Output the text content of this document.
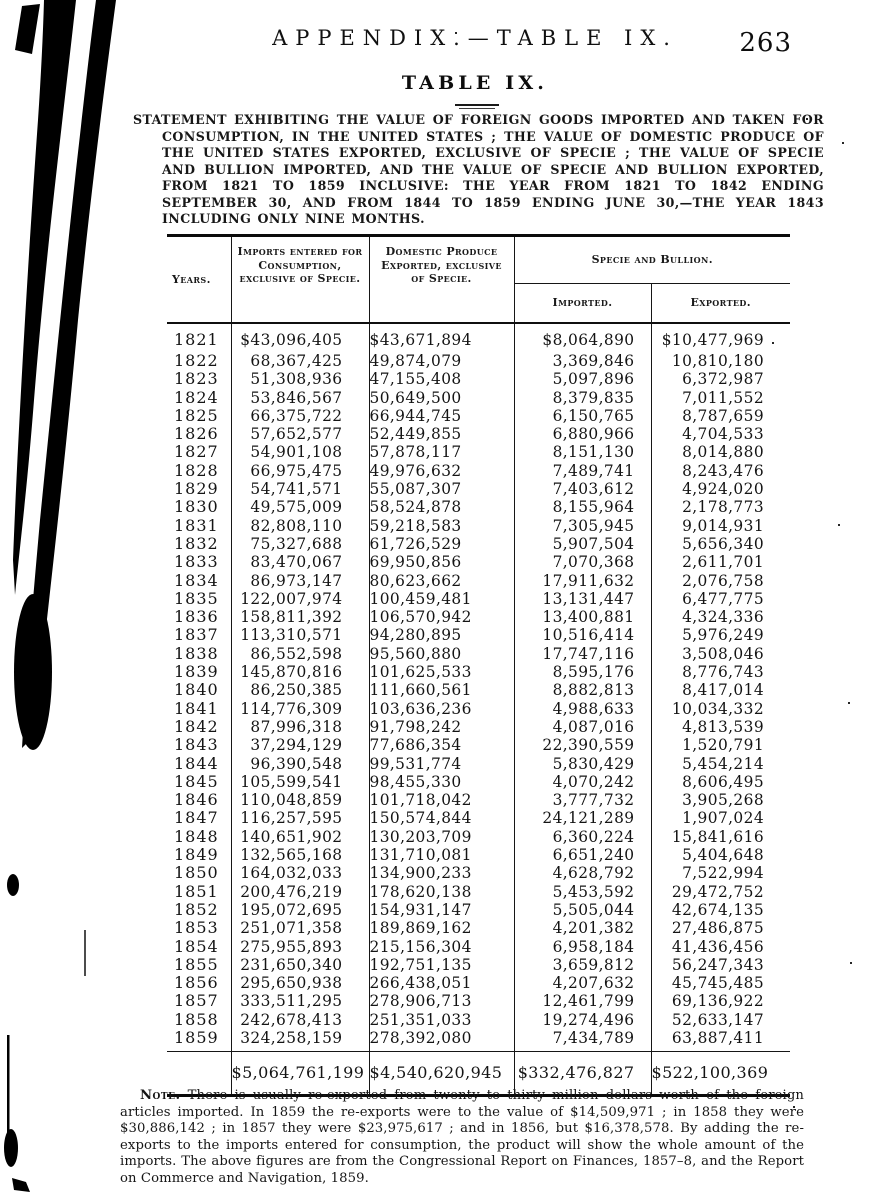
APPENDIX.—TABLE IX.	263
TABLE IX.
STATEMENT EXHIBITING THE VALUE OF FOREIGN GOODS IMPORTED AND TAKEN FOR CONSUMPTION, IN THE UNITED STATES ; THE VALUE OF DOMESTIC PRODUCE OF THE UNITED STATES EXPORTED, EXCLUSIVE OF SPECIE ; THE VALUE OF SPECIE AND BULLION IMPORTED, AND THE VALUE OF SPECIE AND BULLION EXPORTED, FROM 1821 TO 1859 INCLUSIVE: THE YEAR FROM 1821 TO 1842 ENDING SEPTEMBER 30, AND FROM 1844 TO 1859 ENDING JUNE 30,—THE YEAR 1843 INCLUDING ONLY NINE MONTHS.
Years.	Imports entered for Consumption, exclusive of Specie.	Domestic Produce Exported, exclusive of Specie.	Specie and Bullion.	
			Imported.	Exported.
1821	$43,096,405	$43,671,894	$8,064,890	$10,477,969
1822	68,367,425	49,874,079	3,369,846	10,810,180
1823	51,308,936	47,155,408	5,097,896	6,372,987
1824	53,846,567	50,649,500	8,379,835	7,011,552
1825	66,375,722	66,944,745	6,150,765	8,787,659
1826	57,652,577	52,449,855	6,880,966	4,704,533
1827	54,901,108	57,878,117	8,151,130	8,014,880
1828	66,975,475	49,976,632	7,489,741	8,243,476
1829	54,741,571	55,087,307	7,403,612	4,924,020
1830	49,575,009	58,524,878	8,155,964	2,178,773
1831	82,808,110	59,218,583	7,305,945	9,014,931
1832	75,327,688	61,726,529	5,907,504	5,656,340
1833	83,470,067	69,950,856	7,070,368	2,611,701
1834	86,973,147	80,623,662	17,911,632	2,076,758
1835	122,007,974	100,459,481	13,131,447	6,477,775
1836	158,811,392	106,570,942	13,400,881	4,324,336
1837	113,310,571	94,280,895	10,516,414	5,976,249
1838	86,552,598	95,560,880	17,747,116	3,508,046
1839	145,870,816	101,625,533	8,595,176	8,776,743
1840	86,250,385	111,660,561	8,882,813	8,417,014
1841	114,776,309	103,636,236	4,988,633	10,034,332
1842	87,996,318	91,798,242	4,087,016	4,813,539
1843	37,294,129	77,686,354	22,390,559	1,520,791
1844	96,390,548	99,531,774	5,830,429	5,454,214
1845	105,599,541	98,455,330	4,070,242	8,606,495
1846	110,048,859	101,718,042	3,777,732	3,905,268
1847	116,257,595	150,574,844	24,121,289	1,907,024
1848	140,651,902	130,203,709	6,360,224	15,841,616
1849	132,565,168	131,710,081	6,651,240	5,404,648
1850	164,032,033	134,900,233	4,628,792	7,522,994
1851	200,476,219	178,620,138	5,453,592	29,472,752
1852	195,072,695	154,931,147	5,505,044	42,674,135
1853	251,071,358	189,869,162	4,201,382	27,486,875
1854	275,955,893	215,156,304	6,958,184	41,436,456
1855	231,650,340	192,751,135	3,659,812	56,247,343
1856	295,650,938	266,438,051	4,207,632	45,745,485
1857	333,511,295	278,906,713	12,461,799	69,136,922
1858	242,678,413	251,351,033	19,274,496	52,633,147
1859	324,258,159	278,392,080	7,434,789	63,887,411
	$5,064,761,199	$4,540,620,945	$332,476,827	$522,100,369
Note. There is usually re-exported from twenty to thirty million dollars worth of the foreign articles imported. In 1859 the re-exports were to the value of $14,509,971 ; in 1858 they were $30,886,142 ; in 1857 they were $23,975,617 ; and in 1856, but $16,378,578. By adding the re-exports to the imports entered for consumption, the product will show the whole amount of the imports. The above figures are from the Congressional Report on Finances, 1857–8, and the Report on Commerce and Navigation, 1859.
